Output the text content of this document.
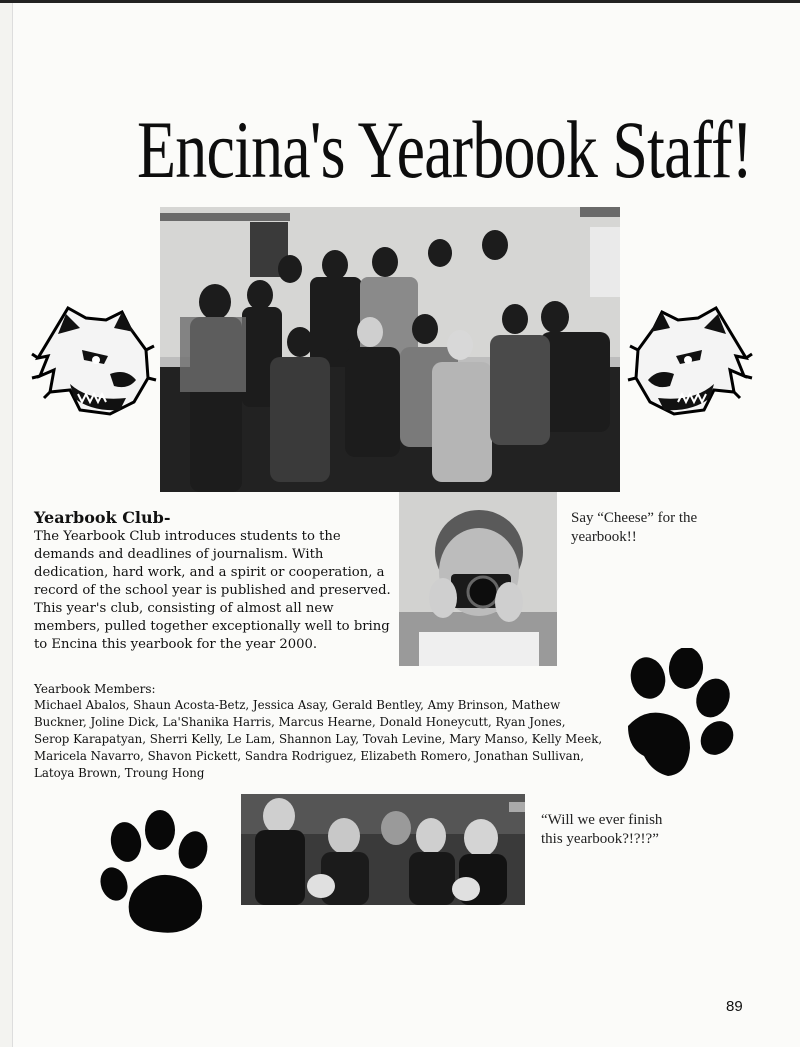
Encina's Yearbook Staff!
Yearbook Club-
The Yearbook Club introduces students to the demands and deadlines of journalism. With dedication, hard work, and a spirit or cooperation, a record of the school year is published and preserved. This year's club, consisting of almost all new members, pulled together exceptionally well to bring to Encina this yearbook for the year 2000.
Say “Cheese” for the yearbook!!
Yearbook Members:
Michael Abalos, Shaun Acosta-Betz, Jessica Asay, Gerald Bentley, Amy Brinson, Mathew Buckner, Joline Dick, La'Shanika Harris, Marcus Hearne, Donald Honeycutt, Ryan Jones, Serop Karapatyan, Sherri Kelly, Le Lam, Shannon Lay, Tovah Levine, Mary Manso, Kelly Meek, Maricela Navarro, Shavon Pickett, Sandra Rodriguez, Elizabeth Romero, Jonathan Sullivan, Latoya Brown, Troung Hong
“Will we ever finish this yearbook?!?!?”
89
